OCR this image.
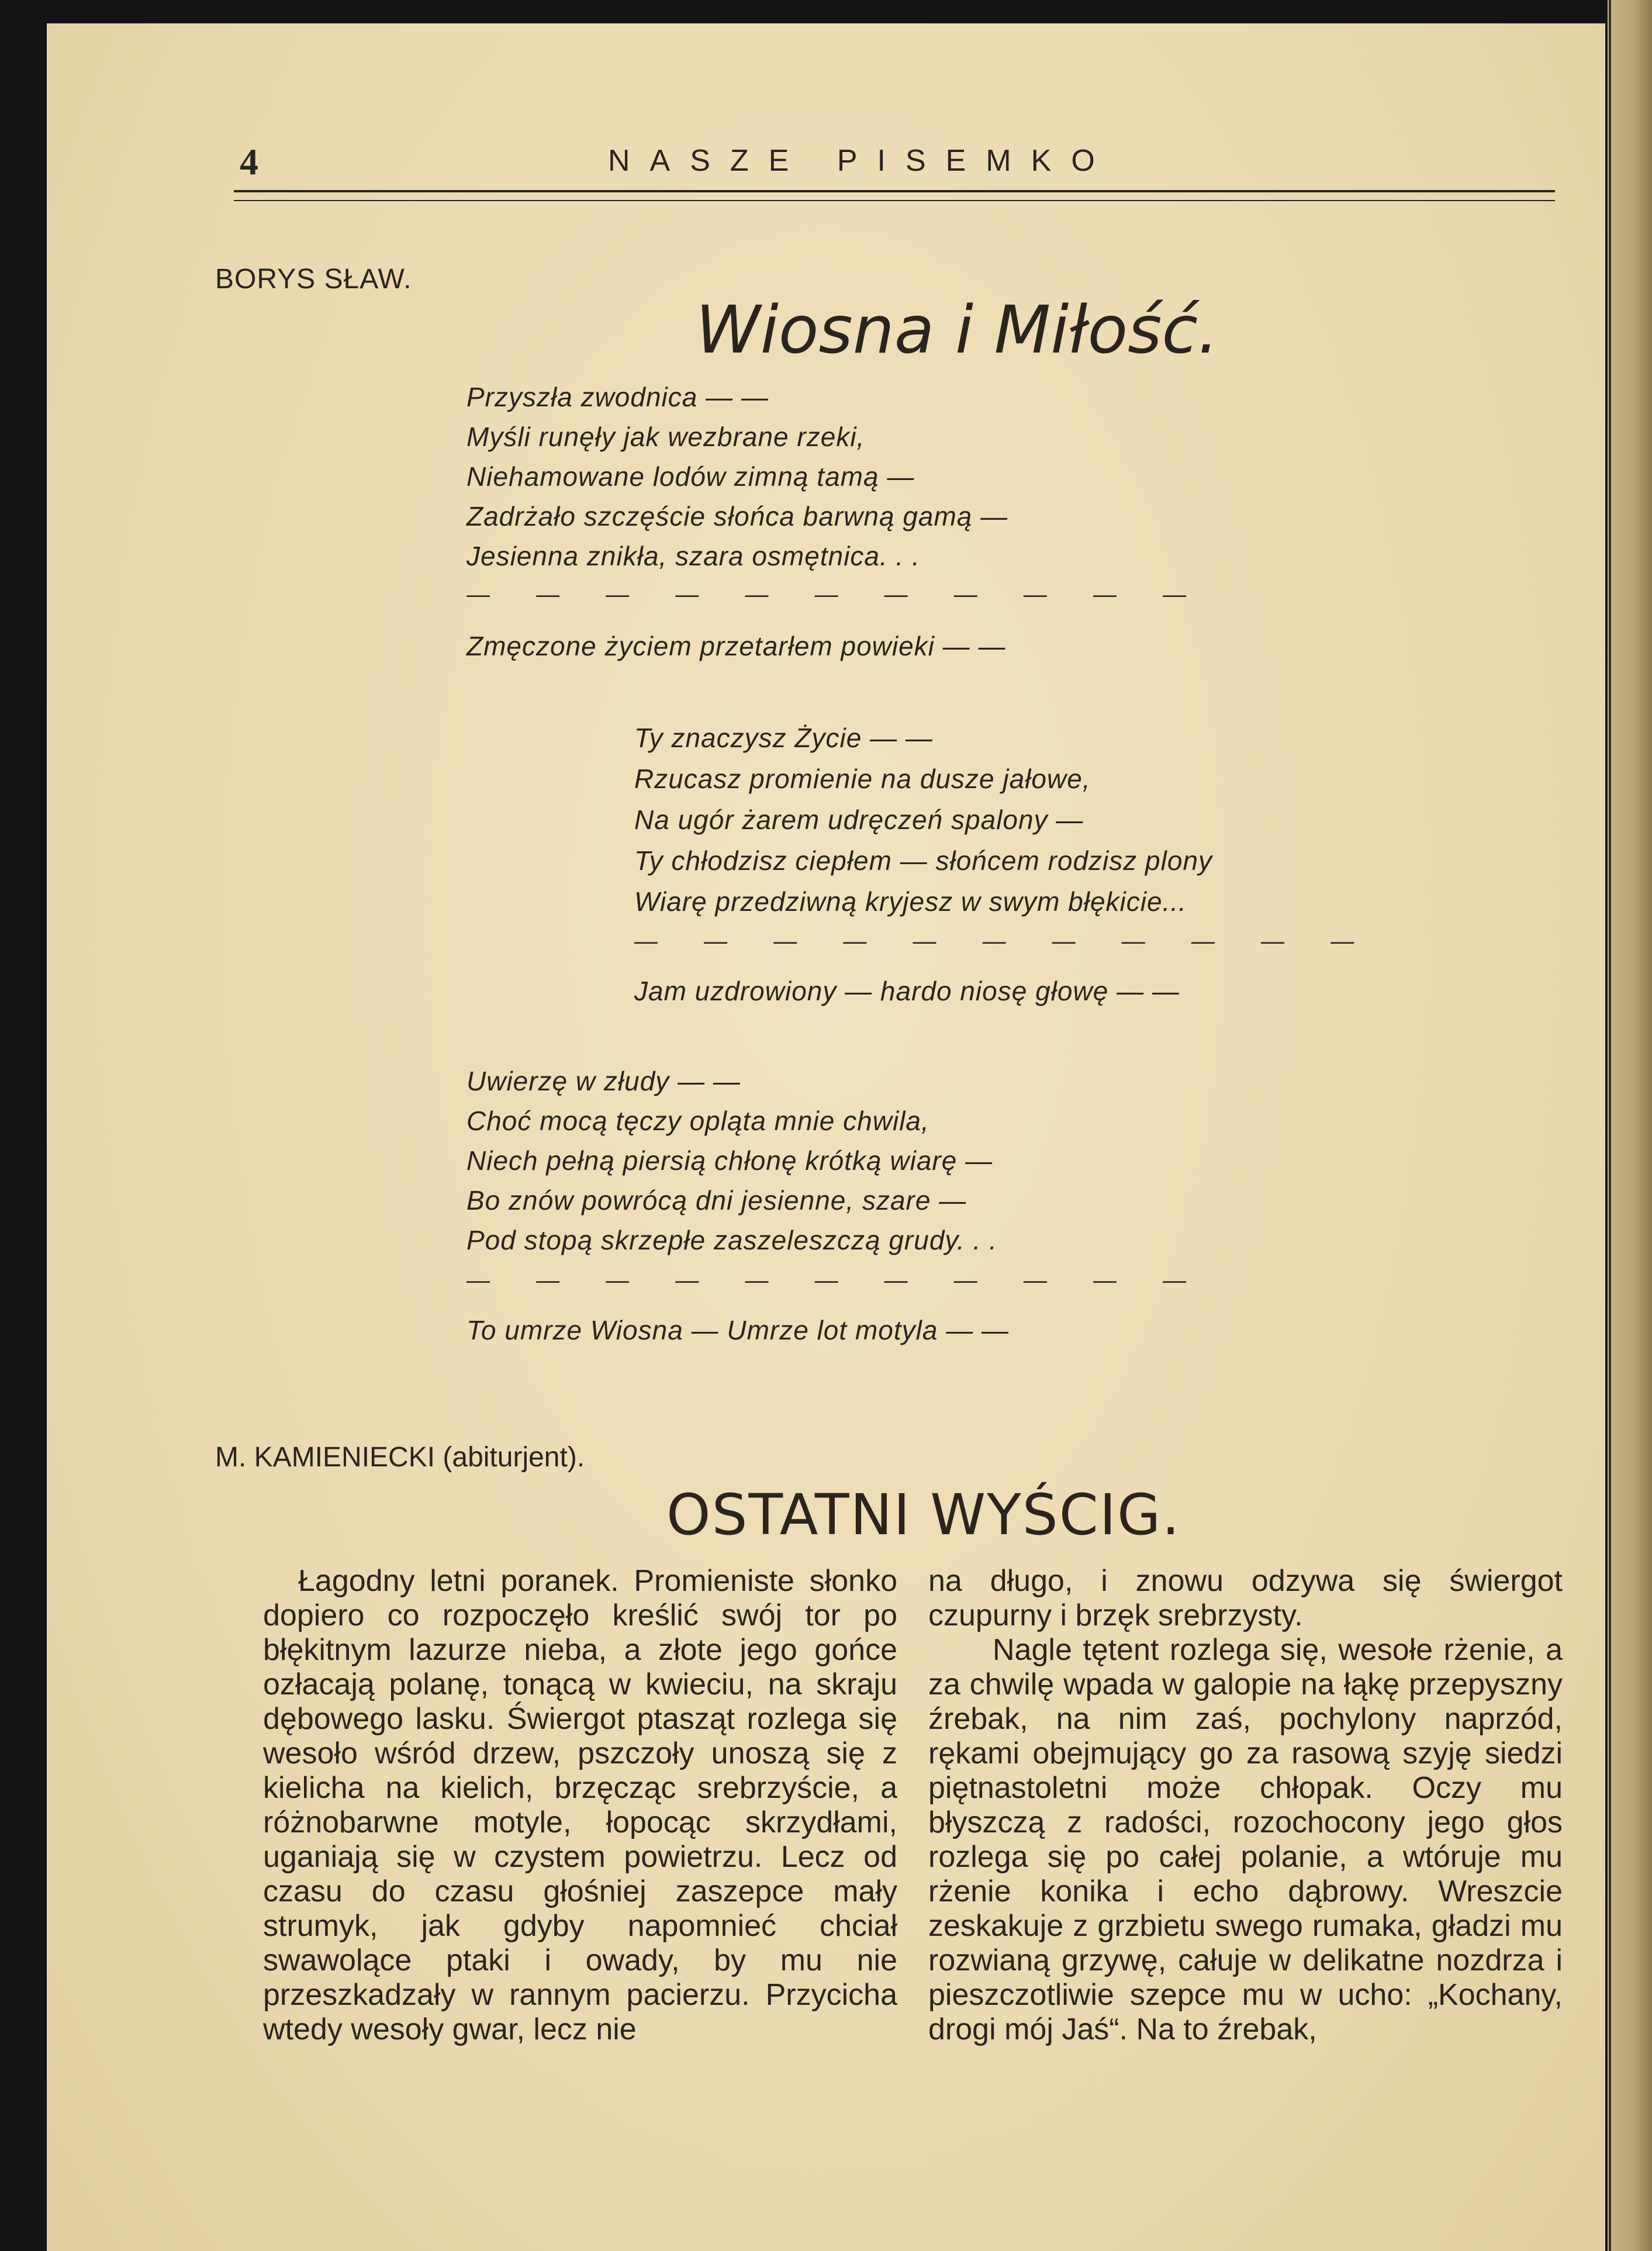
4	NASZE PISEMKO
BORYS SŁAW.
Wiosna i Miłość.
Przyszła zwodnica — —
Myśli runęły jak wezbrane rzeki,
Niehamowane lodów zimną tamą —
Zadrżało szczęście słońca barwną gamą —
Jesienna znikła, szara osmętnica. . .
— — — — — — — — — — —
Zmęczone życiem przetarłem powieki — —
Ty znaczysz Życie — —
Rzucasz promienie na dusze jałowe,
Na ugór żarem udręczeń spalony —
Ty chłodzisz ciepłem — słońcem rodzisz plony
Wiarę przedziwną kryjesz w swym błękicie...
— — — — — — — — — — —
Jam uzdrowiony — hardo niosę głowę — —
Uwierzę w złudy — —
Choć mocą tęczy opląta mnie chwila,
Niech pełną piersią chłonę krótką wiarę —
Bo znów powrócą dni jesienne, szare —
Pod stopą skrzepłe zaszeleszczą grudy. . .
— — — — — — — — — — —
To umrze Wiosna — Umrze lot motyla — —
M. KAMIENIECKI (abiturjent).
OSTATNI WYŚCIG.
Łagodny letni poranek. Promieniste słonko dopiero co rozpoczęło kreślić swój tor po błękitnym lazurze nieba, a złote jego gońce ozłacają polanę, tonącą w kwieciu, na skraju dębowego lasku. Świergot ptasząt rozlega się wesoło wśród drzew, pszczoły unoszą się z kielicha na kielich, brzęcząc srebrzyście, a różnobarwne motyle, łopocąc skrzydłami, uganiają się w czystem powietrzu. Lecz od czasu do czasu głośniej zaszepce mały strumyk, jak gdyby napomnieć chciał swawolące ptaki i owady, by mu nie przeszkadzały w rannym pacierzu. Przycicha wtedy wesoły gwar, lecz nie

na długo, i znowu odzywa się świergot czupurny i brzęk srebrzysty.

Nagle tętent rozlega się, wesołe rżenie, a za chwilę wpada w galopie na łąkę przepyszny źrebak, na nim zaś, pochylony naprzód, rękami obejmujący go za rasową szyję siedzi piętnastoletni może chłopak. Oczy mu błyszczą z radości, rozochocony jego głos rozlega się po całej polanie, a wtóruje mu rżenie konika i echo dąbrowy. Wreszcie zeskakuje z grzbietu swego rumaka, gładzi mu rozwianą grzywę, całuje w delikatne nozdrza i pieszczotliwie szepce mu w ucho: „Kochany, drogi mój Jaś“. Na to źrebak,
